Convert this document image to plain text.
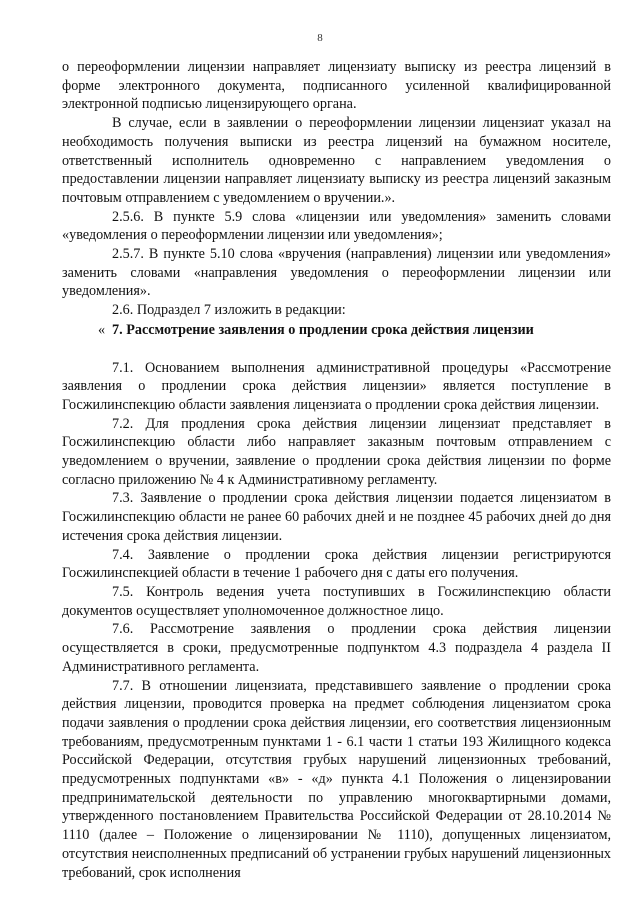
8

о переоформлении лицензии направляет лицензиату выписку из реестра лицензий в форме электронного документа, подписанного усиленной квалифицированной электронной подписью лицензирующего органа.

В случае, если в заявлении о переоформлении лицензии лицензиат указал на необходимость получения выписки из реестра лицензий на бумажном носителе, ответственный исполнитель одновременно с направлением уведомления о предоставлении лицензии направляет лицензиату выписку из реестра лицензий заказным почтовым отправлением с уведомлением о вручении.».

2.5.6. В пункте 5.9 слова «лицензии или уведомления» заменить словами «уведомления о переоформлении лицензии или уведомления»;

2.5.7. В пункте 5.10 слова «вручения (направления) лицензии или уведомления» заменить словами «направления уведомления о переоформлении лицензии или уведомления».

2.6. Подраздел 7 изложить в редакции:

« 7. Рассмотрение заявления о продлении срока действия лицензии

7.1. Основанием выполнения административной процедуры «Рассмотрение заявления о продлении срока действия лицензии» является поступление в Госжилинспекцию области заявления лицензиата о продлении срока действия лицензии.

7.2. Для продления срока действия лицензии лицензиат представляет в Госжилинспекцию области либо направляет заказным почтовым отправлением с уведомлением о вручении, заявление о продлении срока действия лицензии по форме согласно приложению № 4 к Административному регламенту.

7.3. Заявление о продлении срока действия лицензии подается лицензиатом в Госжилинспекцию области не ранее 60 рабочих дней и не позднее 45 рабочих дней до дня истечения срока действия лицензии.

7.4. Заявление о продлении срока действия лицензии регистрируются Госжилинспекцией области в течение 1 рабочего дня с даты его получения.

7.5. Контроль ведения учета поступивших в Госжилинспекцию области документов осуществляет уполномоченное должностное лицо.

7.6. Рассмотрение заявления о продлении срока действия лицензии осуществляется в сроки, предусмотренные подпунктом 4.3 подраздела 4 раздела II Административного регламента.

7.7. В отношении лицензиата, представившего заявление о продлении срока действия лицензии, проводится проверка на предмет соблюдения лицензиатом срока подачи заявления о продлении срока действия лицензии, его соответствия лицензионным требованиям, предусмотренным пунктами 1 - 6.1 части 1 статьи 193 Жилищного кодекса Российской Федерации, отсутствия грубых нарушений лицензионных требований, предусмотренных подпунктами «в» - «д» пункта 4.1 Положения о лицензировании предпринимательской деятельности по управлению многоквартирными домами, утвержденного постановлением Правительства Российской Федерации от 28.10.2014 № 1110 (далее – Положение о лицензировании № 1110), допущенных лицензиатом, отсутствия неисполненных предписаний об устранении грубых нарушений лицензионных требований, срок исполнения
